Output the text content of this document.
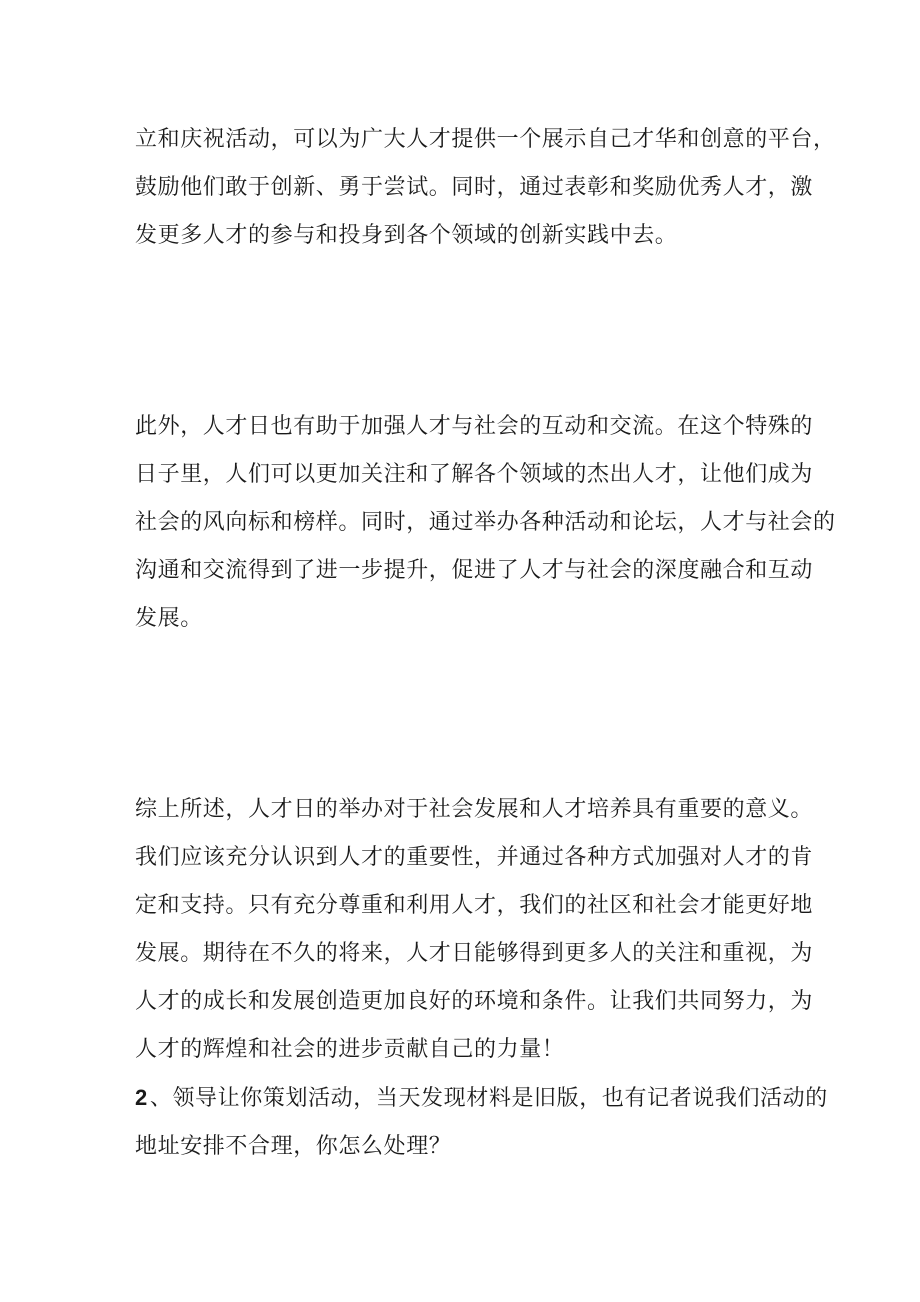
立和庆祝活动，可以为广大人才提供一个展示自己才华和创意的平台，
鼓励他们敢于创新、勇于尝试。同时，通过表彰和奖励优秀人才，激
发更多人才的参与和投身到各个领域的创新实践中去。
此外，人才日也有助于加强人才与社会的互动和交流。在这个特殊的
日子里，人们可以更加关注和了解各个领域的杰出人才，让他们成为
社会的风向标和榜样。同时，通过举办各种活动和论坛，人才与社会的
沟通和交流得到了进一步提升，促进了人才与社会的深度融合和互动
发展。
综上所述，人才日的举办对于社会发展和人才培养具有重要的意义。
我们应该充分认识到人才的重要性，并通过各种方式加强对人才的肯
定和支持。只有充分尊重和利用人才，我们的社区和社会才能更好地
发展。期待在不久的将来，人才日能够得到更多人的关注和重视，为
人才的成长和发展创造更加良好的环境和条件。让我们共同努力，为
人才的辉煌和社会的进步贡献自己的力量！
2、领导让你策划活动，当天发现材料是旧版，也有记者说我们活动的
地址安排不合理，你怎么处理？
